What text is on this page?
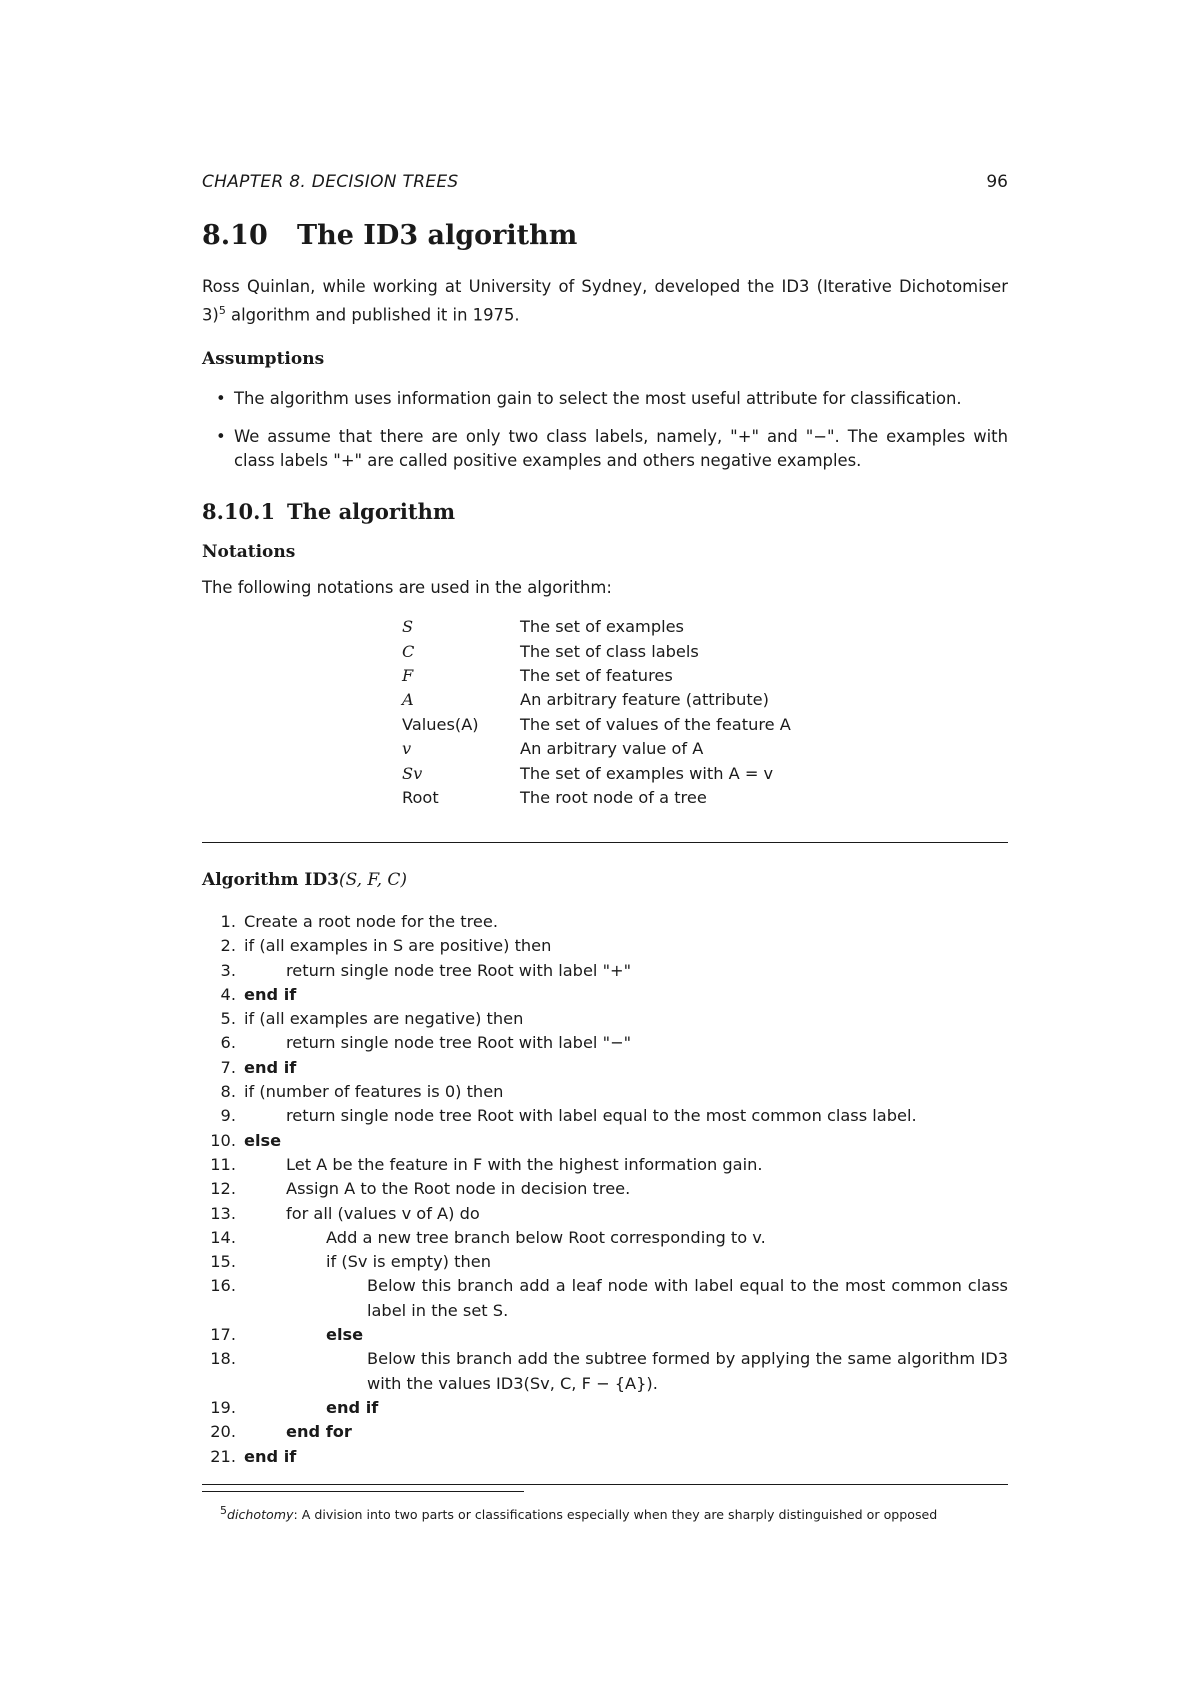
CHAPTER 8. DECISION TREES	96
8.10	The ID3 algorithm

Ross Quinlan, while working at University of Sydney, developed the ID3 (Iterative Dichotomiser 3)$^5$ algorithm and published it in 1975.

Assumptions
• The algorithm uses information gain to select the most useful attribute for classification.
• We assume that there are only two class labels, namely, "+" and "−". The examples with class labels "+" are called positive examples and others negative examples.
8.10.1 The algorithm
Notations

The following notations are used in the algorithm:

S	The set of examples
C	The set of class labels
F	The set of features
A	An arbitrary feature (attribute)
Values(A)	The set of values of the feature A
v	An arbitrary value of A
Sv	The set of examples with A = v
Root	The root node of a tree
Algorithm ID3(S, F, C)
1. Create a root node for the tree.
2. if (all examples in S are positive) then
3.	return single node tree Root with label "+"
4. end if
5. if (all examples are negative) then
6.	return single node tree Root with label "−"
7. end if
8. if (number of features is 0) then
9.	return single node tree Root with label equal to the most common class label.
10. else
11.	Let A be the feature in F with the highest information gain.
12.	Assign A to the Root node in decision tree.
13.	for all (values v of A) do
14.	Add a new tree branch below Root corresponding to v.
15.	if (Sv is empty) then
16.	Below this branch add a leaf node with label equal to the most common class label in the set S.
17.	else
18.	Below this branch add the subtree formed by applying the same algorithm ID3 with the values ID3(Sv, C, F − {A}).
19.	end if
20.	end for
21. end if
$^5$dichotomy: A division into two parts or classifications especially when they are sharply distinguished or opposed
